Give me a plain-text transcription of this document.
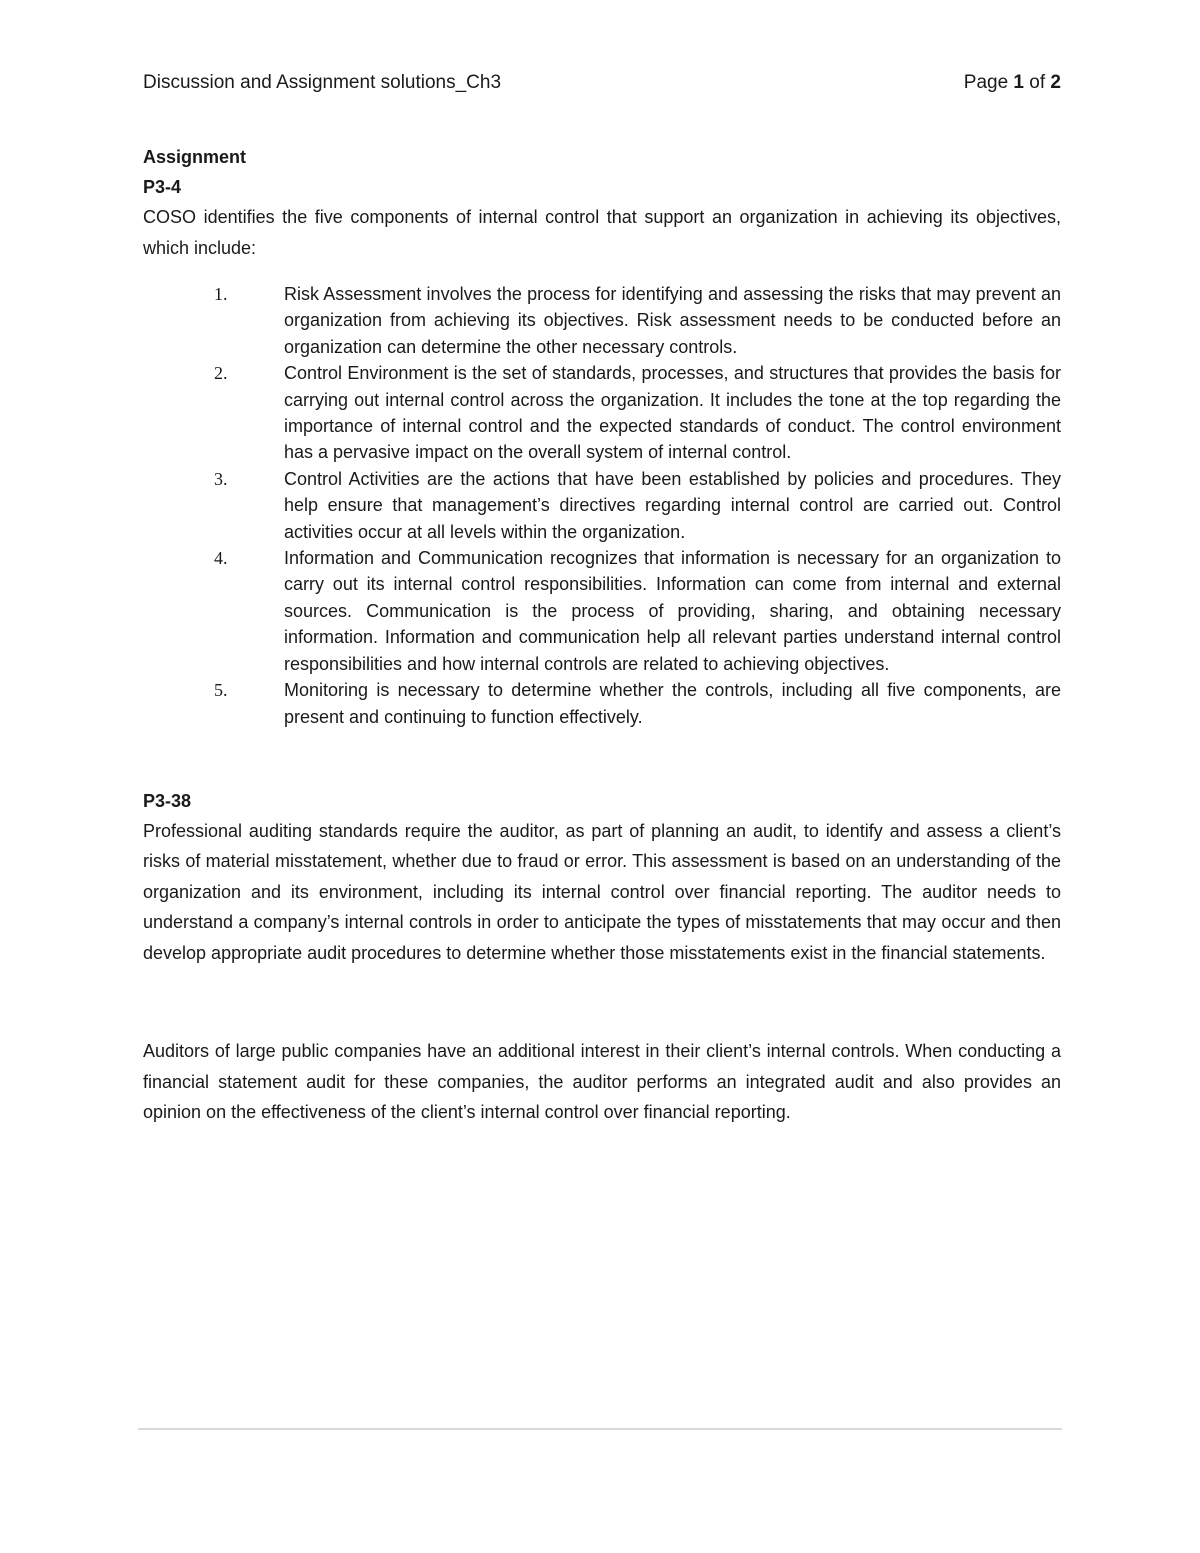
Discussion and Assignment solutions_Ch3	Page 1 of 2

Assignment

P3-4

COSO identifies the five components of internal control that support an organization in achieving its objectives, which include:

1.	Risk Assessment involves the process for identifying and assessing the risks that may prevent an organization from achieving its objectives. Risk assessment needs to be conducted before an organization can determine the other necessary controls.
2.	Control Environment is the set of standards, processes, and structures that provides the basis for carrying out internal control across the organization. It includes the tone at the top regarding the importance of internal control and the expected standards of conduct. The control environment has a pervasive impact on the overall system of internal control.
3.	Control Activities are the actions that have been established by policies and procedures. They help ensure that management’s directives regarding internal control are carried out. Control activities occur at all levels within the organization.
4.	Information and Communication recognizes that information is necessary for an organization to carry out its internal control responsibilities. Information can come from internal and external sources. Communication is the process of providing, sharing, and obtaining necessary information. Information and communication help all relevant parties understand internal control responsibilities and how internal controls are related to achieving objectives.
5.	Monitoring is necessary to determine whether the controls, including all five components, are present and continuing to function effectively.

P3-38

Professional auditing standards require the auditor, as part of planning an audit, to identify and assess a client’s risks of material misstatement, whether due to fraud or error. This assessment is based on an understanding of the organization and its environment, including its internal control over financial reporting. The auditor needs to understand a company’s internal controls in order to anticipate the types of misstatements that may occur and then develop appropriate audit procedures to determine whether those misstatements exist in the financial statements.

Auditors of large public companies have an additional interest in their client’s internal controls. When conducting a financial statement audit for these companies, the auditor performs an integrated audit and also provides an opinion on the effectiveness of the client’s internal control over financial reporting.
